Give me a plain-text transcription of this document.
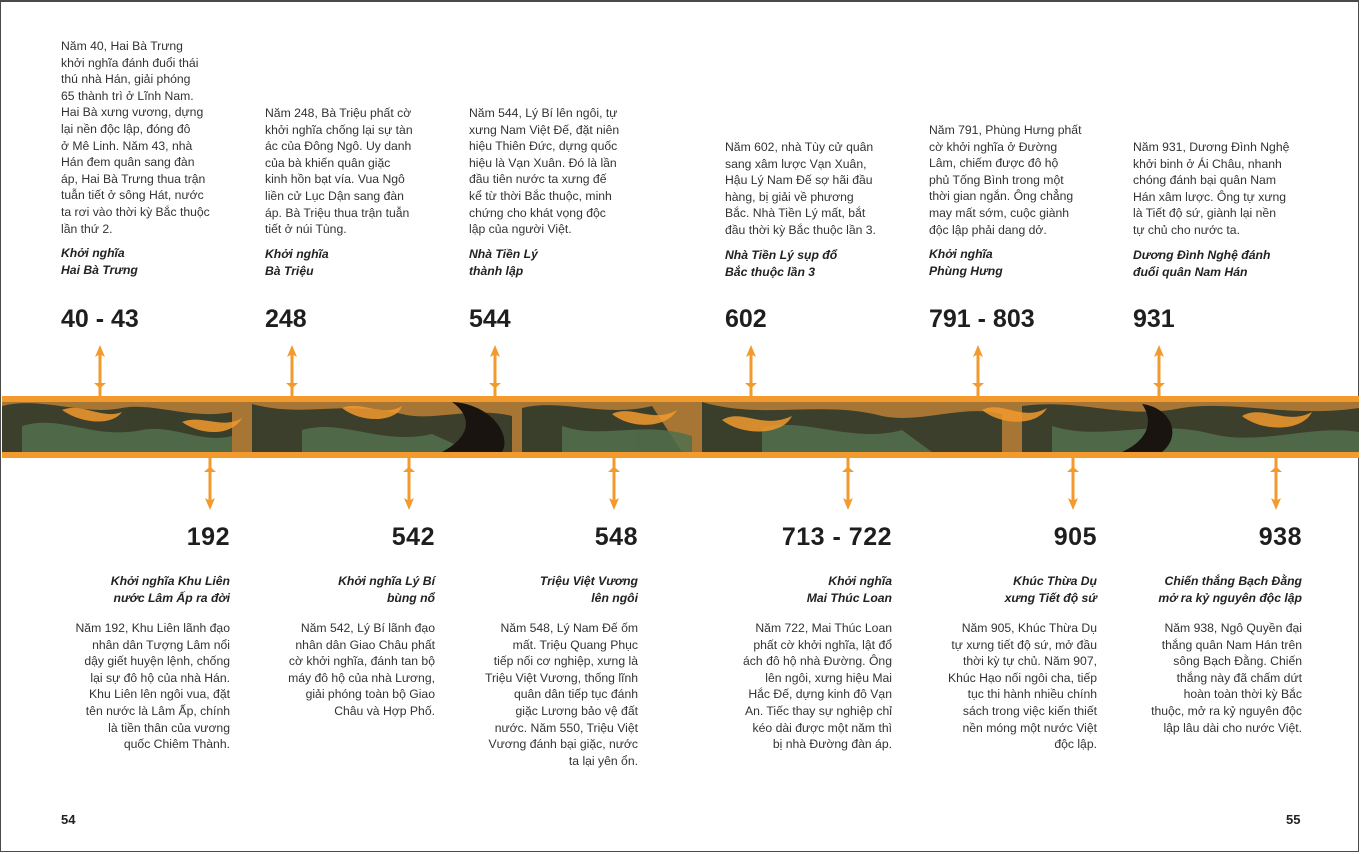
Năm 40, Hai Bà Trưng
khởi nghĩa đánh đuổi thái
thú nhà Hán, giải phóng
65 thành trì ở Lĩnh Nam.
Hai Bà xưng vương, dựng
lại nền độc lập, đóng đô
ở Mê Linh. Năm 43, nhà
Hán đem quân sang đàn
áp, Hai Bà Trưng thua trận
tuẫn tiết ở sông Hát, nước
ta rơi vào thời kỳ Bắc thuộc
lần thứ 2.
Khởi nghĩa
Hai Bà Trưng
40 - 43
Năm 248, Bà Triệu phất cờ
khởi nghĩa chống lại sự tàn
ác của Đông Ngô. Uy danh
của bà khiến quân giặc
kinh hồn bạt vía. Vua Ngô
liền cử Lục Dận sang đàn
áp. Bà Triệu thua trận tuẫn
tiết ở núi Tùng.
Khởi nghĩa
Bà Triệu
248
Năm 544, Lý Bí lên ngôi, tự
xưng Nam Việt Đế, đặt niên
hiệu Thiên Đức, dựng quốc
hiệu là Vạn Xuân. Đó là lần
đầu tiên nước ta xưng đế
kể từ thời Bắc thuộc, minh
chứng cho khát vọng độc
lập của người Việt.
Nhà Tiền Lý
thành lập
544
Năm 602, nhà Tùy cử quân
sang xâm lược Vạn Xuân,
Hậu Lý Nam Đế sợ hãi đầu
hàng, bị giải về phương
Bắc. Nhà Tiền Lý mất, bắt
đầu thời kỳ Bắc thuộc lần 3.
Nhà Tiền Lý sụp đổ
Bắc thuộc lần 3
602
Năm 791, Phùng Hưng phất
cờ khởi nghĩa ở Đường
Lâm, chiếm được đô hộ
phủ Tống Bình trong một
thời gian ngắn. Ông chẳng
may mất sớm, cuộc giành
độc lập phải dang dở.
Khởi nghĩa
Phùng Hưng
791 - 803
Năm 931, Dương Đình Nghệ
khởi binh ở Ái Châu, nhanh
chóng đánh bại quân Nam
Hán xâm lược. Ông tự xưng
là Tiết độ sứ, giành lại nền
tự chủ cho nước ta.
Dương Đình Nghệ đánh
đuổi quân Nam Hán
931
192
Khởi nghĩa Khu Liên
nước Lâm Ấp ra đời
Năm 192, Khu Liên lãnh đạo
nhân dân Tượng Lâm nổi
dậy giết huyện lệnh, chống
lại sự đô hộ của nhà Hán.
Khu Liên lên ngôi vua, đặt
tên nước là Lâm Ấp, chính
là tiền thân của vương
quốc Chiêm Thành.
542
Khởi nghĩa Lý Bí
bùng nổ
Năm 542, Lý Bí lãnh đạo
nhân dân Giao Châu phất
cờ khởi nghĩa, đánh tan bộ
máy đô hộ của nhà Lương,
giải phóng toàn bộ Giao
Châu và Hợp Phố.
548
Triệu Việt Vương
lên ngôi
Năm 548, Lý Nam Đế ốm
mất. Triệu Quang Phục
tiếp nối cơ nghiệp, xưng là
Triệu Việt Vương, thống lĩnh
quân dân tiếp tục đánh
giặc Lương bảo vệ đất
nước. Năm 550, Triệu Việt
Vương đánh bại giặc, nước
ta lại yên ổn.
713 - 722
Khởi nghĩa
Mai Thúc Loan
Năm 722, Mai Thúc Loan
phất cờ khởi nghĩa, lật đổ
ách đô hộ nhà Đường. Ông
lên ngôi, xưng hiệu Mai
Hắc Đế, dựng kinh đô Vạn
An. Tiếc thay sự nghiệp chỉ
kéo dài được một năm thì
bị nhà Đường đàn áp.
905
Khúc Thừa Dụ
xưng Tiết độ sứ
Năm 905, Khúc Thừa Dụ
tự xưng tiết độ sứ, mở đầu
thời kỳ tự chủ. Năm 907,
Khúc Hạo nối ngôi cha, tiếp
tục thi hành nhiều chính
sách trong việc kiến thiết
nền móng một nước Việt
độc lập.
938
Chiến thắng Bạch Đằng
mở ra kỷ nguyên độc lập
Năm 938, Ngô Quyền đại
thắng quân Nam Hán trên
sông Bạch Đằng. Chiến
thắng này đã chấm dứt
hoàn toàn thời kỳ Bắc
thuộc, mở ra kỷ nguyên độc
lập lâu dài cho nước Việt.
54	55
